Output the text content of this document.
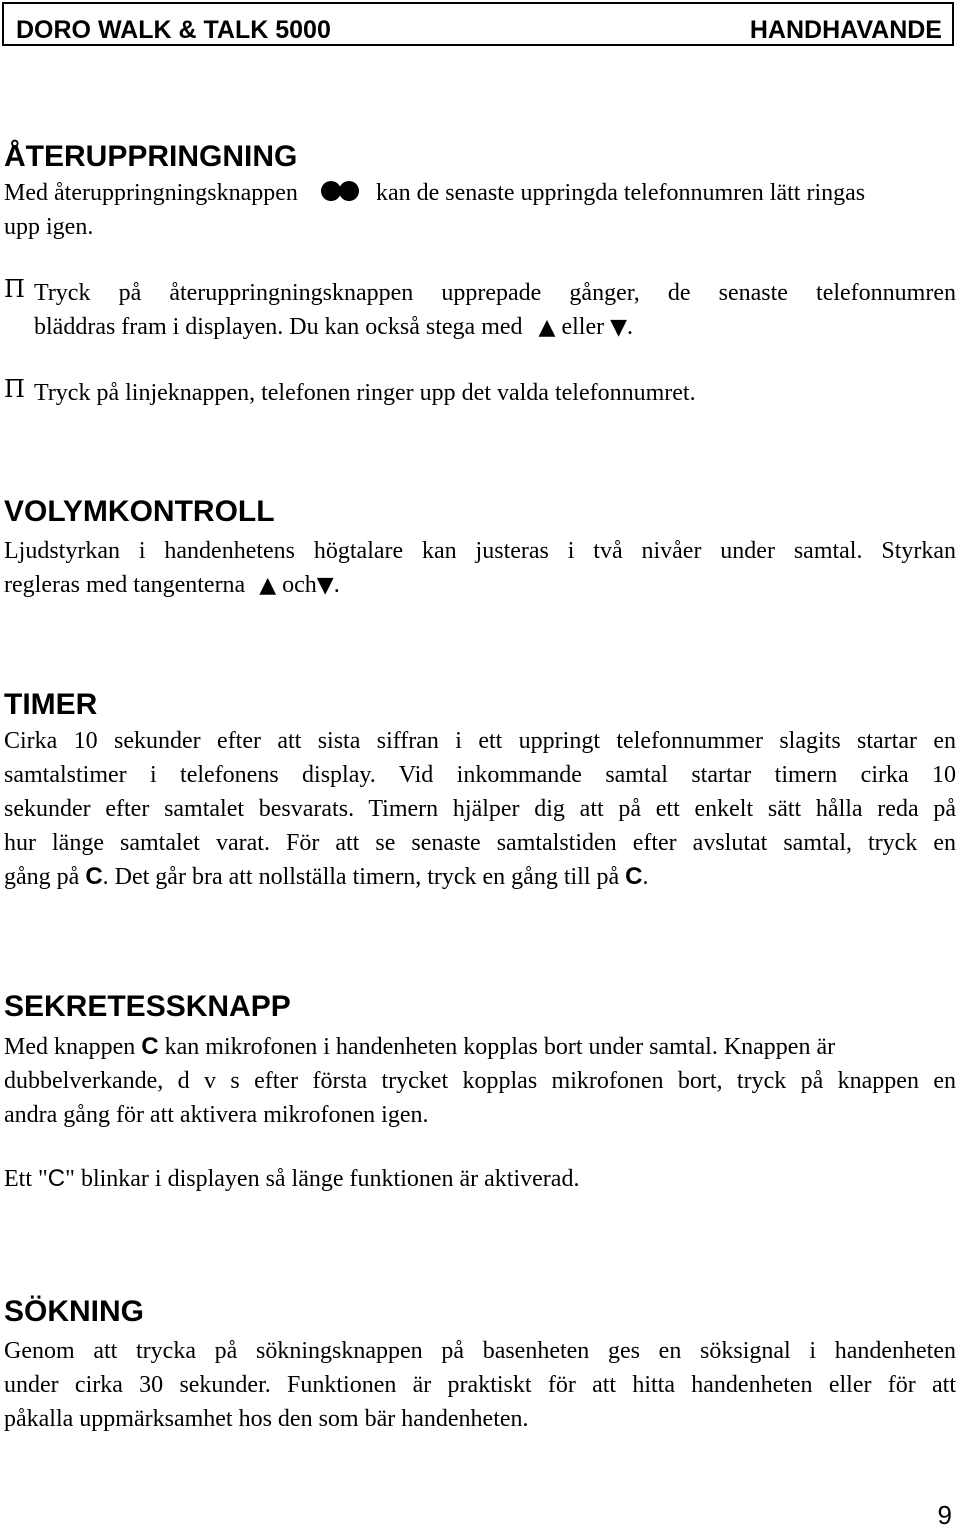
DORO WALK & TALK 5000	HANDHAVANDE
ÅTERUPPRINGNING
Med återuppringningsknappen	kan de senaste uppringda telefonnumren lätt ringas
upp igen.
Π Tryck på återuppringningsknappen upprepade gånger, de senaste telefonnumren
bläddras fram i displayen. Du kan också stega med ▲ eller ▼.
Π Tryck på linjeknappen, telefonen ringer upp det valda telefonnumret.
VOLYMKONTROLL
Ljudstyrkan i handenhetens högtalare kan justeras i två nivåer under samtal. Styrkan
regleras med tangenterna ▲ och▼.
TIMER
Cirka 10 sekunder efter att sista siffran i ett uppringt telefonnummer slagits startar en
samtalstimer i telefonens display. Vid inkommande samtal startar timern cirka 10
sekunder efter samtalet besvarats. Timern hjälper dig att på ett enkelt sätt hålla reda på
hur länge samtalet varat. För att se senaste samtalstiden efter avslutat samtal, tryck en
gång på C. Det går bra att nollställa timern, tryck en gång till på C.
SEKRETESSKNAPP
Med knappen C kan mikrofonen i handenheten kopplas bort under samtal. Knappen är
dubbelverkande, d v s efter första trycket kopplas mikrofonen bort, tryck på knappen en
andra gång för att aktivera mikrofonen igen.
Ett "C" blinkar i displayen så länge funktionen är aktiverad.
SÖKNING
Genom att trycka på sökningsknappen på basenheten ges en söksignal i handenheten
under cirka 30 sekunder. Funktionen är praktiskt för att hitta handenheten eller för att
påkalla uppmärksamhet hos den som bär handenheten.
9
